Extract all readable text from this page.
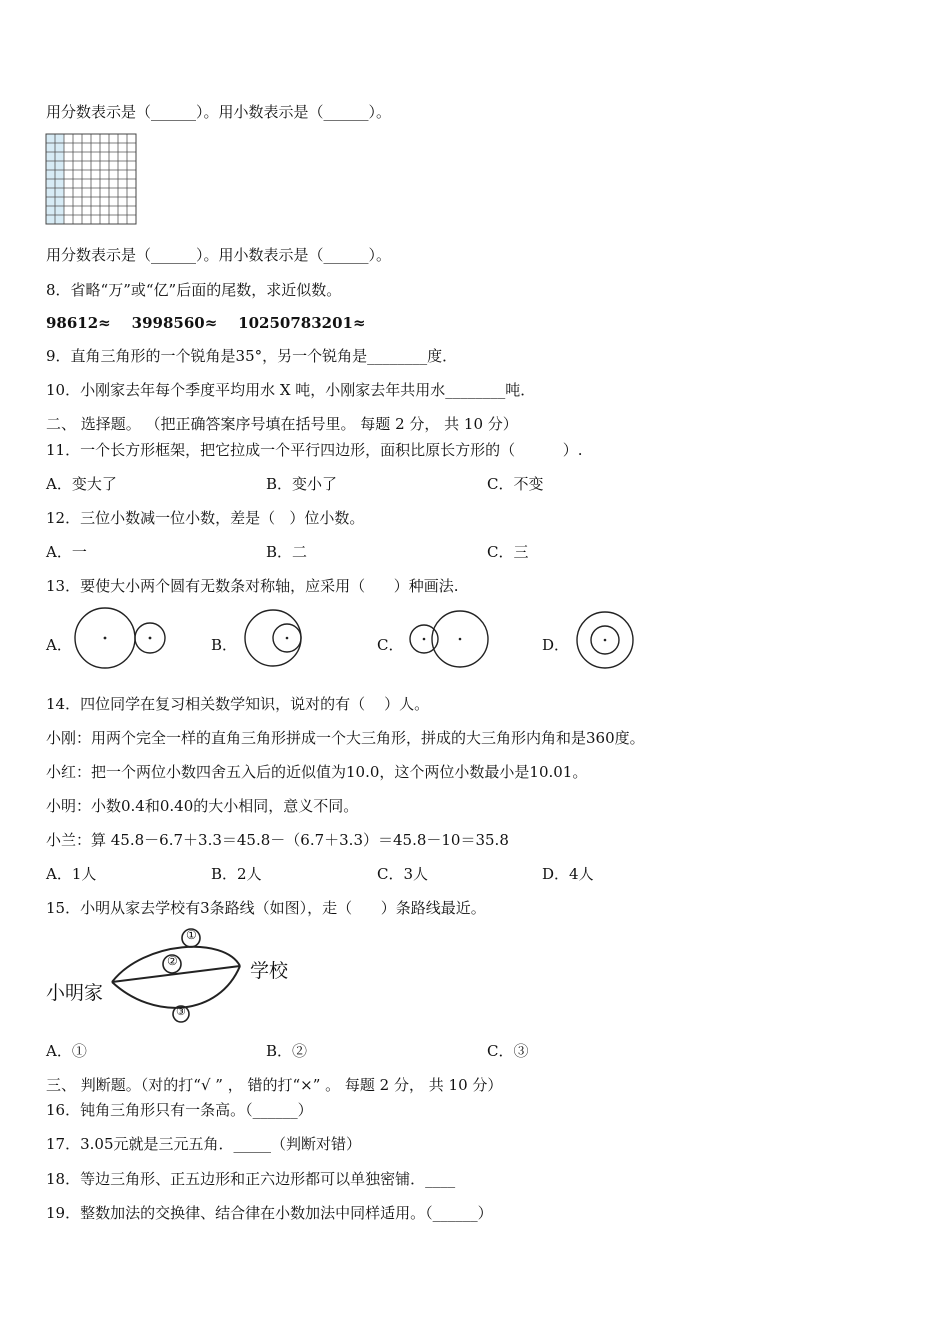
用分数表示是（______）。用小数表示是（______）。
用分数表示是（______）。用小数表示是（______）。
8．省略“万”或“亿”后面的尾数，求近似数。
98612≈    3998560≈    10250783201≈
9．直角三角形的一个锐角是35°，另一个锐角是________度．
10．小刚家去年每个季度平均用水 X 吨，小刚家去年共用水________吨．
二、 选择题。 （把正确答案序号填在括号里。 每题 2 分， 共 10 分）
11．一个长方形框架，把它拉成一个平行四边形，面积比原长方形的（          ）.
A．变大了	B．变小了	C．不变
12．三位小数减一位小数，差是（   ）位小数。
A．一	B．二	C．三
13．要使大小两个圆有无数条对称轴，应采用（      ）种画法.
A．	B．	C．	D．
14．四位同学在复习相关数学知识，说对的有（    ）人。
小刚：用两个完全一样的直角三角形拼成一个大三角形，拼成的大三角形内角和是360度。
小红：把一个两位小数四舍五入后的近似值为10.0，这个两位小数最小是10.01。
小明：小数0.4和0.40的大小相同，意义不同。
小兰：算 45.8－6.7＋3.3＝45.8－（6.7＋3.3）＝45.8－10＝35.8
A．1人	B．2人	C．3人	D．4人
15．小明从家去学校有3条路线（如图），走（      ）条路线最近。
①
②
③
小明家
学校
A．①	B．②	C．③
三、 判断题。（对的打“√ ” ， 错的打“×” 。 每题 2 分， 共 10 分）
16．钝角三角形只有一条高。（______）
17．3.05元就是三元五角．_____（判断对错）
18．等边三角形、正五边形和正六边形都可以单独密铺．____
19．整数加法的交换律、结合律在小数加法中同样适用。（______）
